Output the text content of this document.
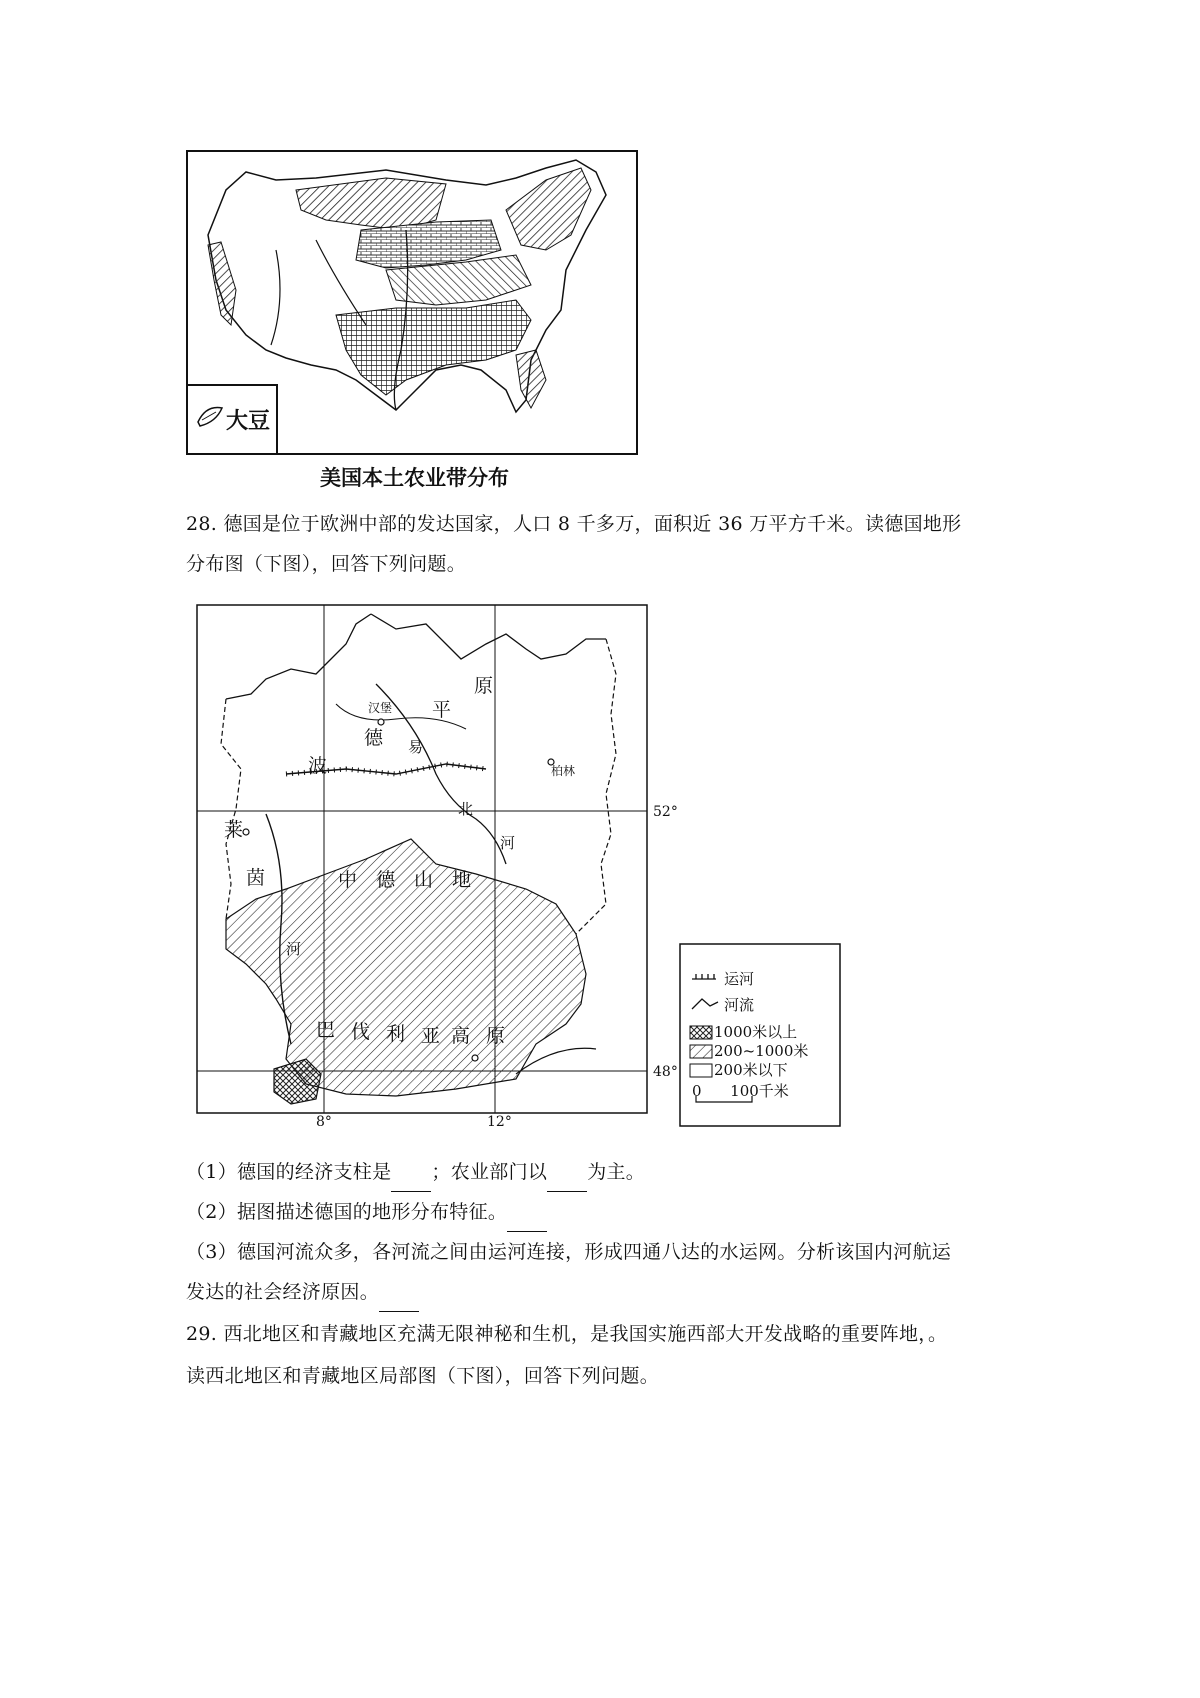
大豆
美国本土农业带分布
28. 德国是位于欧洲中部的发达国家，人口 8 千多万，面积近 36 万平方千米。读德国地形
分布图（下图），回答下列问题。
原
平
波
德 易
北
河
莱
茵
河
中 德 山 地
巴 伐 利 亚 高 原
汉堡
柏林
52°
48°
8°	12°
运河
河流
1000米以上
200~1000米
200米以下
0      100千米
（1）德国的经济支柱是 ；农业部门以 为主。
（2）据图描述德国的地形分布特征。
（3）德国河流众多，各河流之间由运河连接，形成四通八达的水运网。分析该国内河航运
发达的社会经济原因。
29. 西北地区和青藏地区充满无限神秘和生机，是我国实施西部大开发战略的重要阵地，。
读西北地区和青藏地区局部图（下图），回答下列问题。
